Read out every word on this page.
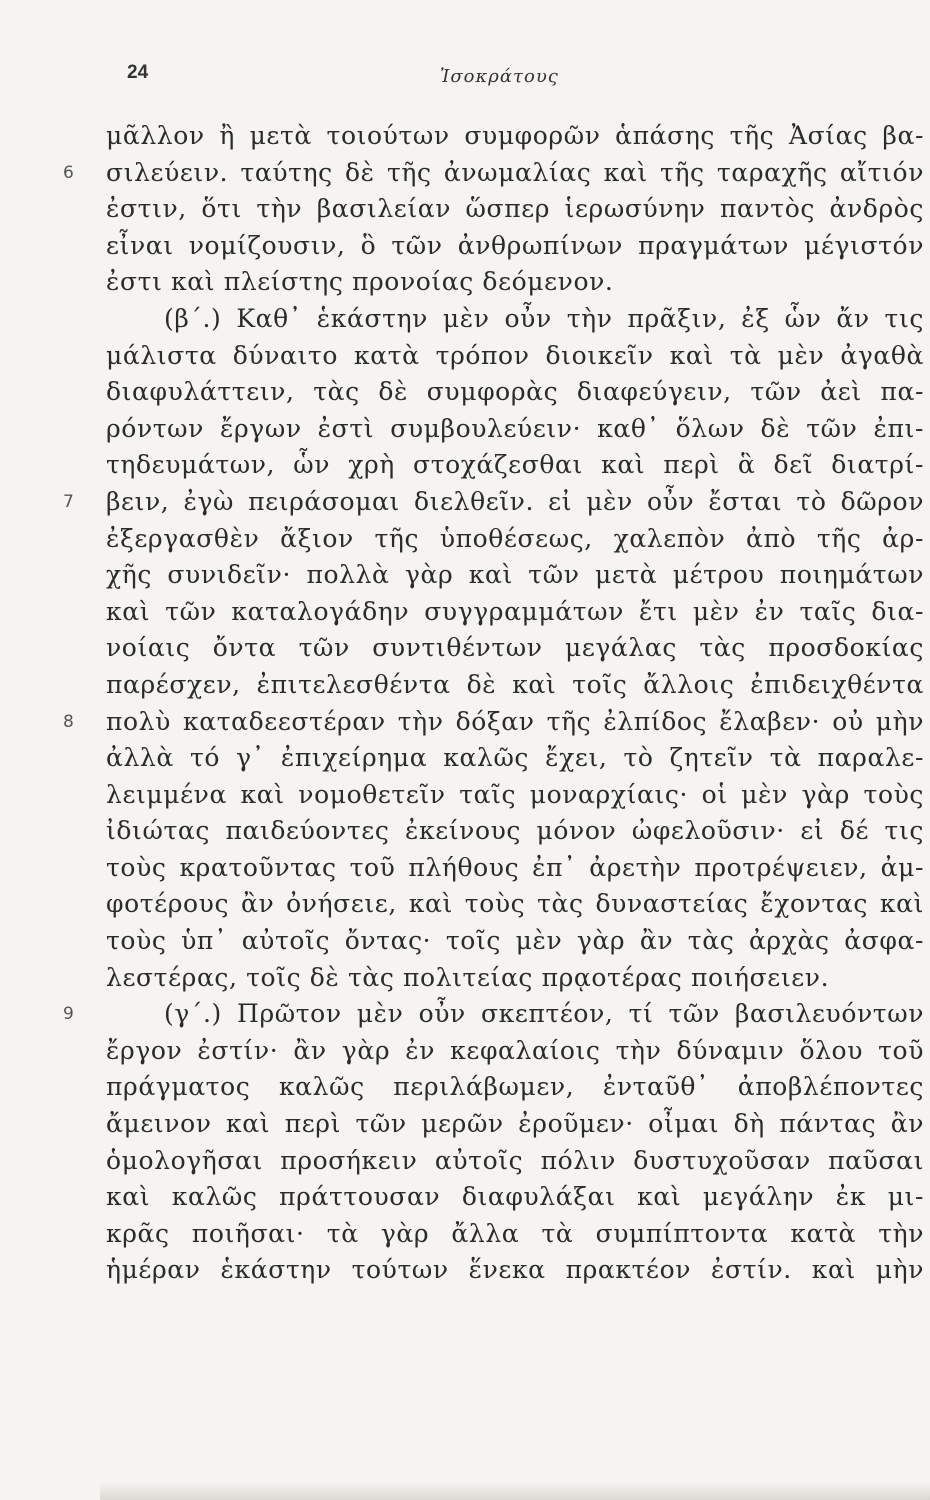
24	Ἰσοκράτους
μᾶλλον ἢ μετὰ τοιούτων συμφορῶν ἁπάσης τῆς Ἀσίας βα-
6 σιλεύειν. ταύτης δὲ τῆς ἀνωμαλίας καὶ τῆς ταραχῆς αἴτιόν
ἐστιν, ὅτι τὴν βασιλείαν ὥσπερ ἱερωσύνην παντὸς ἀνδρὸς
εἶναι νομίζουσιν, ὃ τῶν ἀνθρωπίνων πραγμάτων μέγιστόν
ἐστι καὶ πλείστης προνοίας δεόμενον.
(β΄.) Καθ᾽ ἑκάστην μὲν οὖν τὴν πρᾶξιν, ἐξ ὧν ἄν τις
μάλιστα δύναιτο κατὰ τρόπον διοικεῖν καὶ τὰ μὲν ἀγαθὰ
διαφυλάττειν, τὰς δὲ συμφορὰς διαφεύγειν, τῶν ἀεὶ πα-
ρόντων ἔργων ἐστὶ συμβουλεύειν· καθ᾽ ὅλων δὲ τῶν ἐπι-
τηδευμάτων, ὧν χρὴ στοχάζεσθαι καὶ περὶ ἃ δεῖ διατρί-
7 βειν, ἐγὼ πειράσομαι διελθεῖν. εἰ μὲν οὖν ἔσται τὸ δῶρον
ἐξεργασθὲν ἄξιον τῆς ὑποθέσεως, χαλεπὸν ἀπὸ τῆς ἀρ-
χῆς συνιδεῖν· πολλὰ γὰρ καὶ τῶν μετὰ μέτρου ποιημάτων
καὶ τῶν καταλογάδην συγγραμμάτων ἔτι μὲν ἐν ταῖς δια-
νοίαις ὄντα τῶν συντιθέντων μεγάλας τὰς προσδοκίας
παρέσχεν, ἐπιτελεσθέντα δὲ καὶ τοῖς ἄλλοις ἐπιδειχθέντα
8 πολὺ καταδεεστέραν τὴν δόξαν τῆς ἐλπίδος ἔλαβεν· οὐ μὴν
ἀλλὰ τό γ᾽ ἐπιχείρημα καλῶς ἔχει, τὸ ζητεῖν τὰ παραλε-
λειμμένα καὶ νομοθετεῖν ταῖς μοναρχίαις· οἱ μὲν γὰρ τοὺς
ἰδιώτας παιδεύοντες ἐκείνους μόνον ὠφελοῦσιν· εἰ δέ τις
τοὺς κρατοῦντας τοῦ πλήθους ἐπ᾽ ἀρετὴν προτρέψειεν, ἀμ-
φοτέρους ἂν ὀνήσειε, καὶ τοὺς τὰς δυναστείας ἔχοντας καὶ
τοὺς ὑπ᾽ αὐτοῖς ὄντας· τοῖς μὲν γὰρ ἂν τὰς ἀρχὰς ἀσφα-
λεστέρας, τοῖς δὲ τὰς πολιτείας πρᾳοτέρας ποιήσειεν.
9	(γ΄.) Πρῶτον μὲν οὖν σκεπτέον, τί τῶν βασιλευόντων
ἔργον ἐστίν· ἂν γὰρ ἐν κεφαλαίοις τὴν δύναμιν ὅλου τοῦ
πράγματος καλῶς περιλάβωμεν, ἐνταῦθ᾽ ἀποβλέποντες
ἄμεινον καὶ περὶ τῶν μερῶν ἐροῦμεν· οἶμαι δὴ πάντας ἂν
ὁμολογῆσαι προσήκειν αὐτοῖς πόλιν δυστυχοῦσαν παῦσαι
καὶ καλῶς πράττουσαν διαφυλάξαι καὶ μεγάλην ἐκ μι-
κρᾶς ποιῆσαι· τὰ γὰρ ἄλλα τὰ συμπίπτοντα κατὰ τὴν
ἡμέραν ἑκάστην τούτων ἕνεκα πρακτέον ἐστίν. καὶ μὴν
